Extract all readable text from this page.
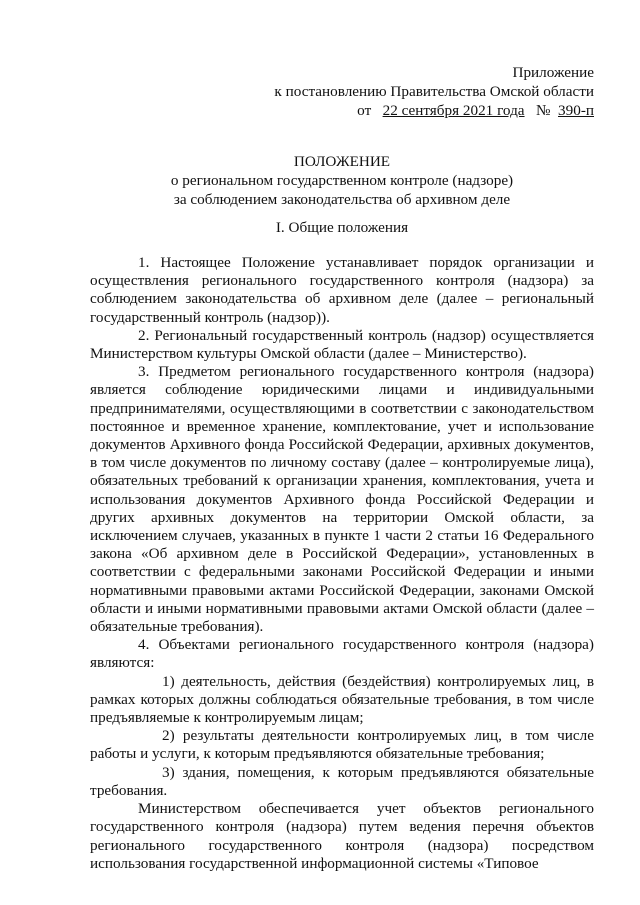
Приложение
к постановлению Правительства Омской области
от 22 сентября 2021 года № 390-п
ПОЛОЖЕНИЕ
о региональном государственном контроле (надзоре)
за соблюдением законодательства об архивном деле
I. Общие положения

1. Настоящее Положение устанавливает порядок организации и осуществления регионального государственного контроля (надзора) за соблюдением законодательства об архивном деле (далее – региональный государственный контроль (надзор)).

2. Региональный государственный контроль (надзор) осуществляется Министерством культуры Омской области (далее – Министерство).

3. Предметом регионального государственного контроля (надзора) является соблюдение юридическими лицами и индивидуальными предпринимателями, осуществляющими в соответствии с законодательством постоянное и временное хранение, комплектование, учет и использование документов Архивного фонда Российской Федерации, архивных документов, в том числе документов по личному составу (далее – контролируемые лица), обязательных требований к организации хранения, комплектования, учета и использования документов Архивного фонда Российской Федерации и других архивных документов на территории Омской области, за исключением случаев, указанных в пункте 1 части 2 статьи 16 Федерального закона «Об архивном деле в Российской Федерации», установленных в соответствии с федеральными законами Российской Федерации и иными нормативными правовыми актами Российской Федерации, законами Омской области и иными нормативными правовыми актами Омской области (далее – обязательные требования).

4. Объектами регионального государственного контроля (надзора) являются:

1) деятельность, действия (бездействия) контролируемых лиц, в рамках которых должны соблюдаться обязательные требования, в том числе предъявляемые к контролируемым лицам;

2) результаты деятельности контролируемых лиц, в том числе работы и услуги, к которым предъявляются обязательные требования;

3) здания, помещения, к которым предъявляются обязательные требования.

Министерством обеспечивается учет объектов регионального государственного контроля (надзора) путем ведения перечня объектов регионального государственного контроля (надзора) посредством использования государственной информационной системы «Типовое
